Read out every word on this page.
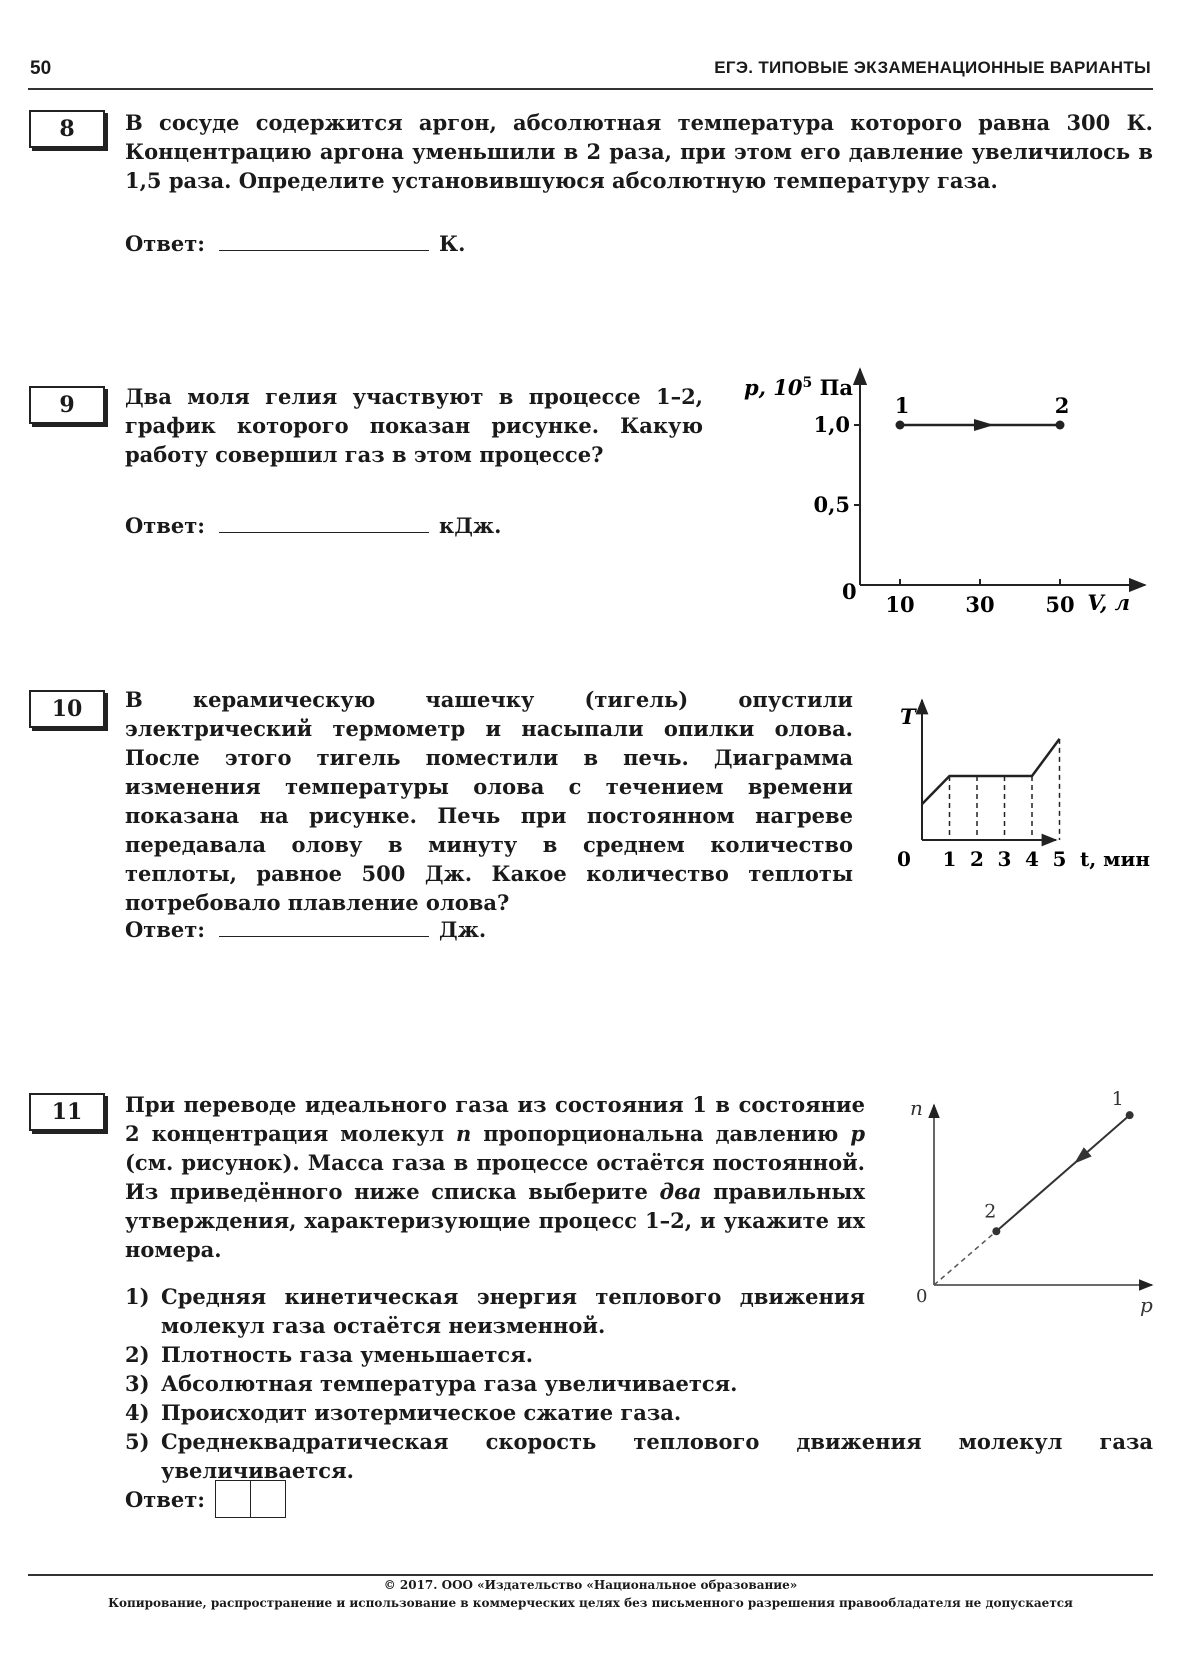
50	ЕГЭ. ТИПОВЫЕ ЭКЗАМЕНАЦИОННЫЕ ВАРИАНТЫ
8	В сосуде содержится аргон, абсолютная температура которого равна 300 К. Концентрацию аргона уменьшили в 2 раза, при этом его давление увеличилось в 1,5 раза. Определите установившуюся абсолютную температуру газа.
Ответ:	К.
9	Два моля гелия участвуют в процессе 1–2, график которого показан рисунке. Какую работу совершил газ в этом процессе?
Ответ:	кДж.
p, $10^5$ Па
V, л
0
10 30 50
0,5
1,0
1	2
10	В керамическую чашечку (тигель) опустили электрический термометр и насыпали опилки олова. После этого тигель поместили в печь. Диаграмма изменения температуры олова с течением времени показана на рисунке. Печь при постоянном нагреве передавала олову в минуту в среднем количество теплоты, равное 500 Дж. Какое количество теплоты потребовало плавление олова?
Ответ:	Дж.
T
0 1 2 3 4 5 t, мин
11	При переводе идеального газа из состояния 1 в состояние 2 концентрация молекул n пропорциональна давлению p (см. рисунок). Масса газа в процессе остаётся постоянной. Из приведённого ниже списка выберите два правильных утверждения, характеризующие процесс 1–2, и укажите их номера.
1) Средняя кинетическая энергия теплового движения молекул газа остаётся неизменной.
2) Плотность газа уменьшается.
3) Абсолютная температура газа увеличивается.
4) Происходит изотермическое сжатие газа.
5) Среднеквадратическая скорость теплового движения молекул газа увеличивается.
Ответ:
n
p
0
1
2
© 2017. ООО «Издательство «Национальное образование»
Копирование, распространение и использование в коммерческих целях без письменного разрешения правообладателя не допускается
